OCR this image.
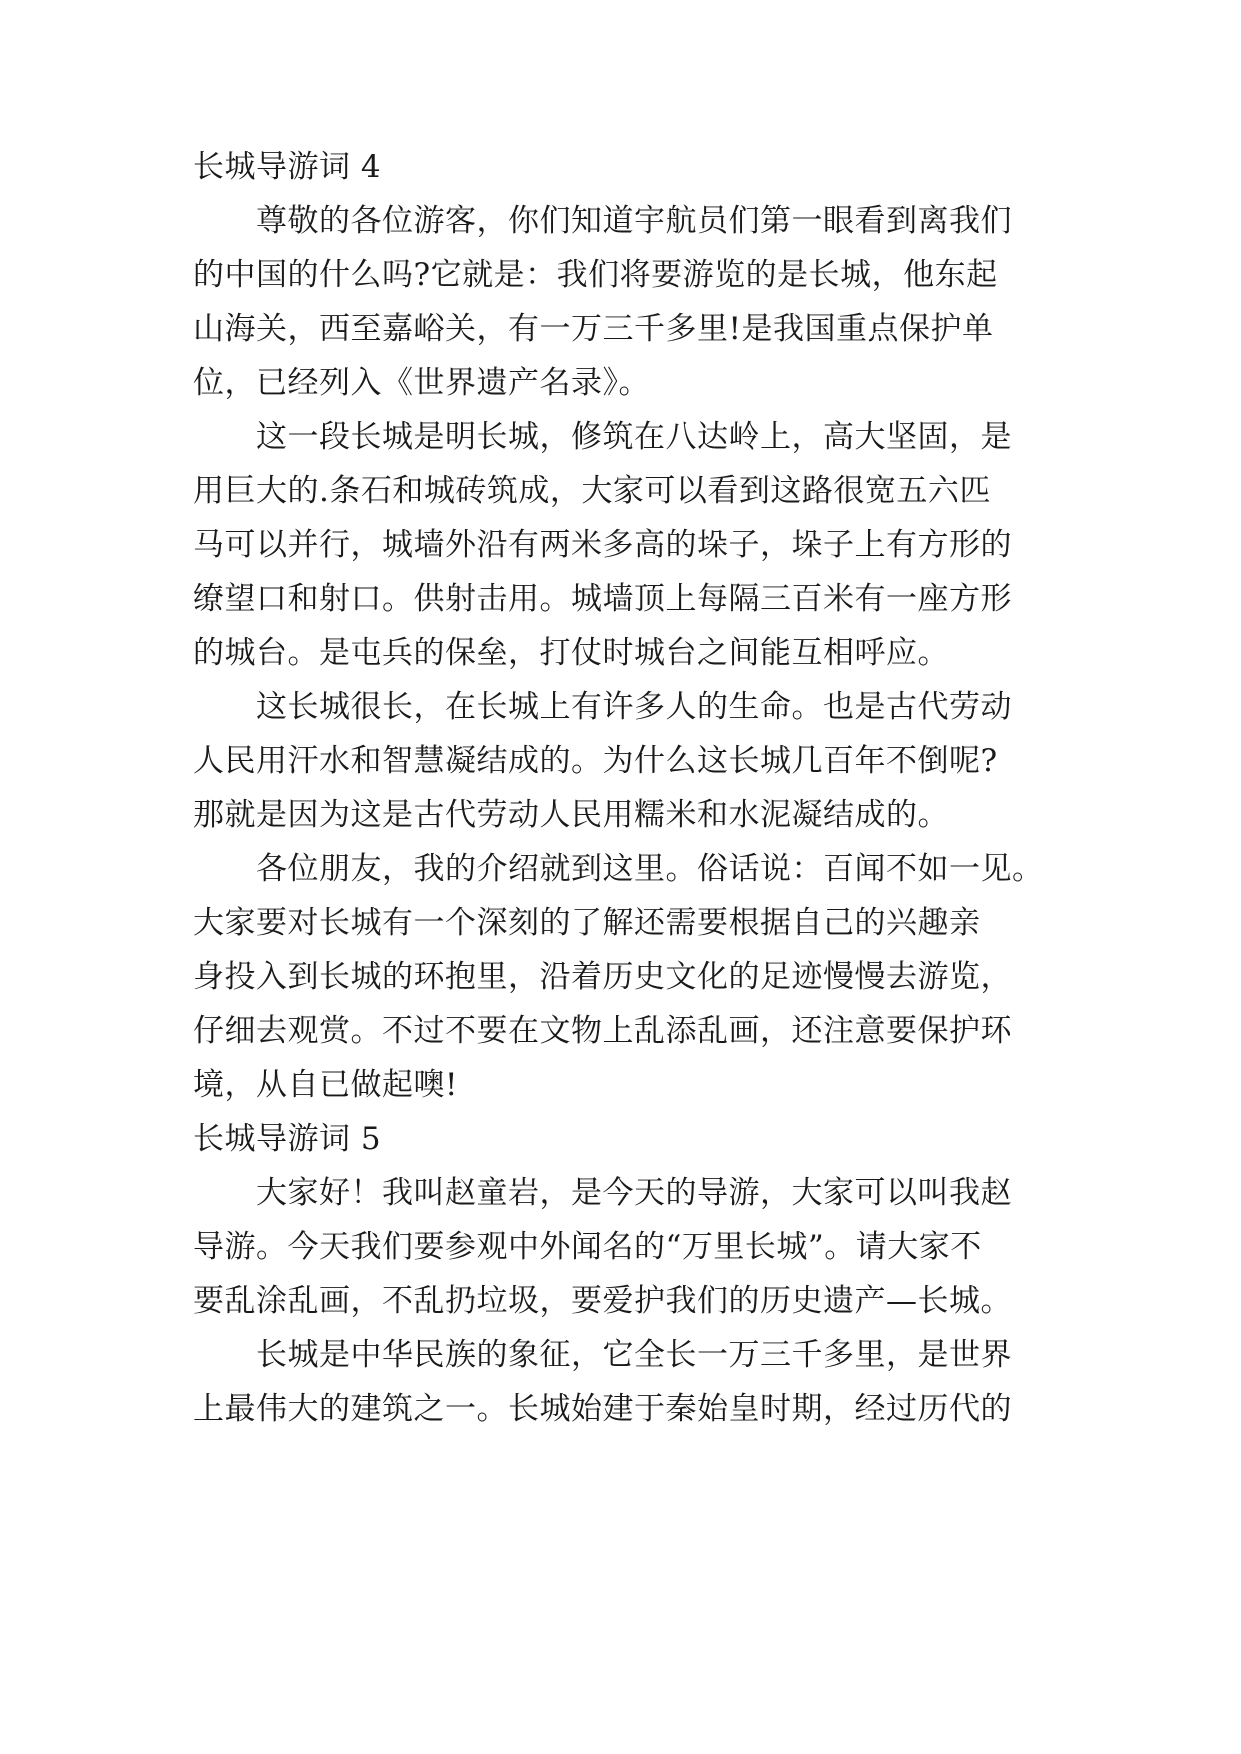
长城导游词 4
尊敬的各位游客，你们知道宇航员们第一眼看到离我们
的中国的什么吗?它就是：我们将要游览的是长城，他东起
山海关，西至嘉峪关，有一万三千多里!是我国重点保护单
位，已经列入《世界遗产名录》。
这一段长城是明长城，修筑在八达岭上，高大坚固，是
用巨大的.条石和城砖筑成，大家可以看到这路很宽五六匹
马可以并行，城墙外沿有两米多高的垛子，垛子上有方形的
缭望口和射口。供射击用。城墙顶上每隔三百米有一座方形
的城台。是屯兵的保垒，打仗时城台之间能互相呼应。
这长城很长，在长城上有许多人的生命。也是古代劳动
人民用汗水和智慧凝结成的。为什么这长城几百年不倒呢?
那就是因为这是古代劳动人民用糯米和水泥凝结成的。
各位朋友，我的介绍就到这里。俗话说：百闻不如一见。
大家要对长城有一个深刻的了解还需要根据自己的兴趣亲
身投入到长城的环抱里，沿着历史文化的足迹慢慢去游览，
仔细去观赏。不过不要在文物上乱添乱画，还注意要保护环
境，从自已做起噢!
长城导游词 5
大家好！我叫赵童岩，是今天的导游，大家可以叫我赵
导游。今天我们要参观中外闻名的“万里长城”。请大家不
要乱涂乱画，不乱扔垃圾，要爱护我们的历史遗产—长城。
长城是中华民族的象征，它全长一万三千多里，是世界
上最伟大的建筑之一。长城始建于秦始皇时期，经过历代的
